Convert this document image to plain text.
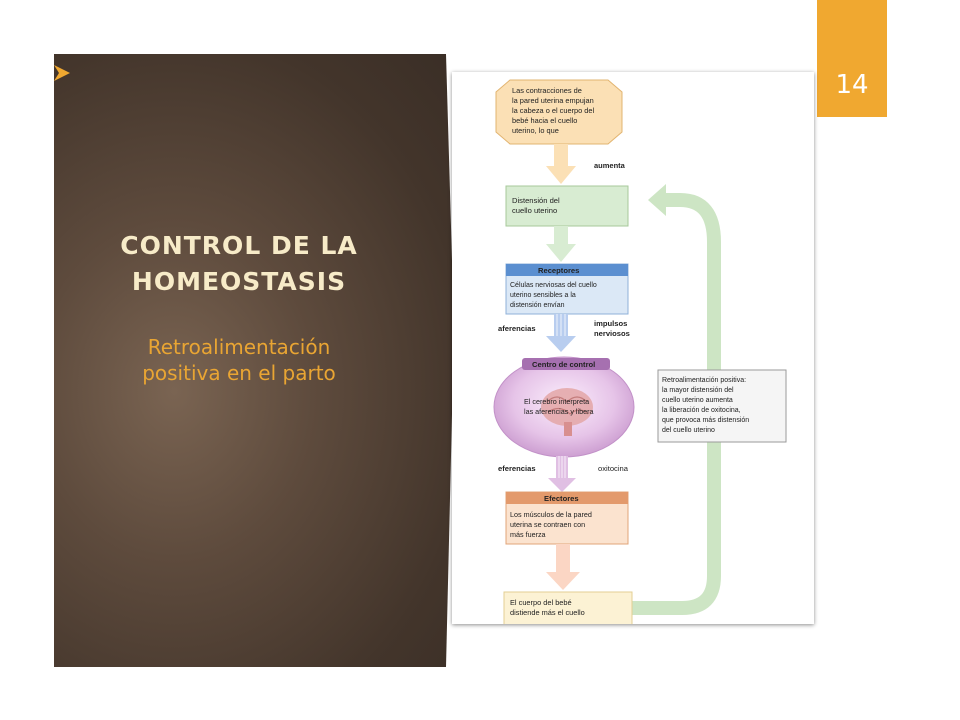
CONTROL DE LA
HOMEOSTASIS
Retroalimentación
positiva en el parto
14
Las contracciones de la pared uterina empujan la cabeza o el cuerpo del bebé hacia el cuello uterino, lo que
aumenta
Distensión del cuello uterino
Receptores
Células nerviosas del cuello uterino sensibles a la distensión envían
aferencias
impulsos nerviosos
Centro de control
El cerebro interpreta las aferencias y libera
eferencias	oxitocina
Efectores
Los músculos de la pared uterina se contraen con más fuerza
El cuerpo del bebé distiende más el cuello
Retroalimentación positiva: la mayor distensión del cuello uterino aumenta la liberación de oxitocina, que provoca más distensión del cuello uterino
